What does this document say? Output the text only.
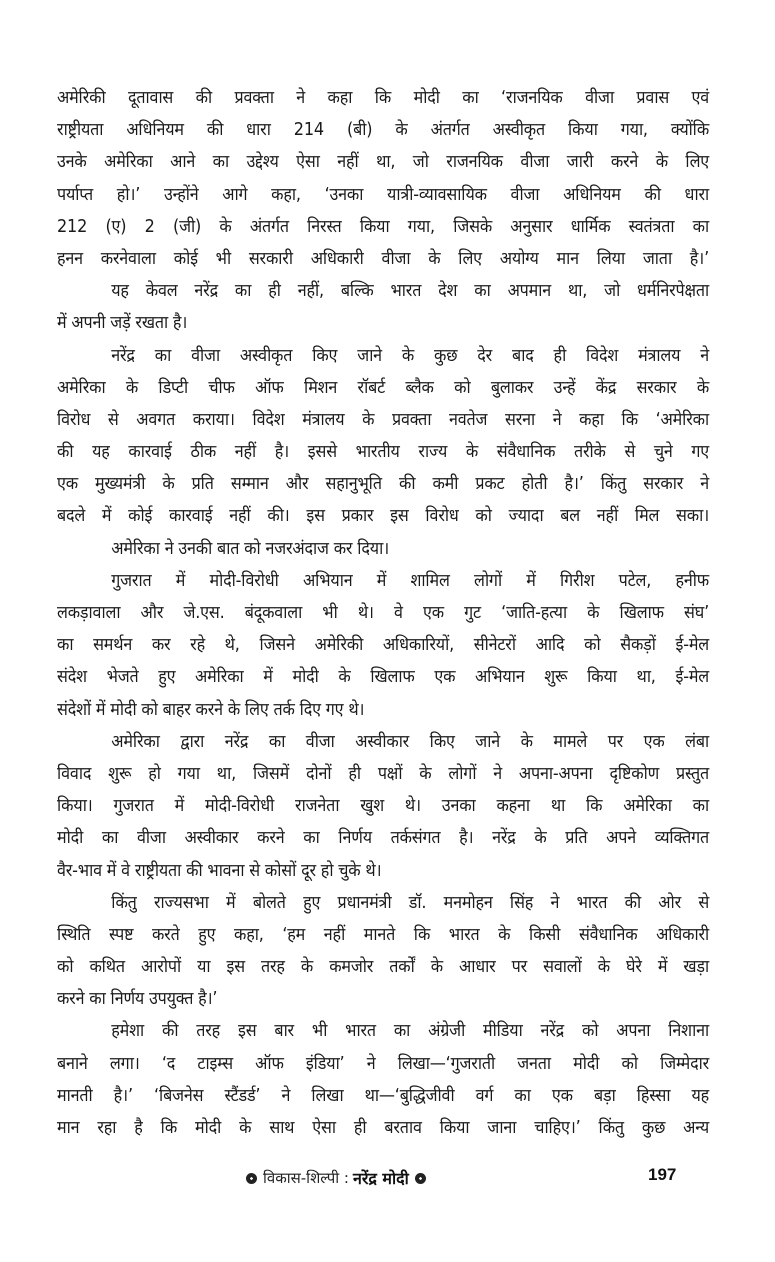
अमेरिकी दूतावास की प्रवक्ता ने कहा कि मोदी का ‘राजनयिक वीजा प्रवास एवं
राष्ट्रीयता अधिनियम की धारा 214 (बी) के अंतर्गत अस्वीकृत किया गया, क्योंकि
उनके अमेरिका आने का उद्देश्य ऐसा नहीं था, जो राजनयिक वीजा जारी करने के लिए
पर्याप्त हो।’ उन्होंने आगे कहा, ‘उनका यात्री-व्यावसायिक वीजा अधिनियम की धारा
212 (ए) 2 (जी) के अंतर्गत निरस्त किया गया, जिसके अनुसार धार्मिक स्वतंत्रता का
हनन करनेवाला कोई भी सरकारी अधिकारी वीजा के लिए अयोग्य मान लिया जाता है।’
यह केवल नरेंद्र का ही नहीं, बल्कि भारत देश का अपमान था, जो धर्मनिरपेक्षता
में अपनी जड़ें रखता है।
नरेंद्र का वीजा अस्वीकृत किए जाने के कुछ देर बाद ही विदेश मंत्रालय ने
अमेरिका के डिप्टी चीफ ऑफ मिशन रॉबर्ट ब्लैक को बुलाकर उन्हें केंद्र सरकार के
विरोध से अवगत कराया। विदेश मंत्रालय के प्रवक्ता नवतेज सरना ने कहा कि ‘अमेरिका
की यह कारवाई ठीक नहीं है। इससे भारतीय राज्य के संवैधानिक तरीके से चुने गए
एक मुख्यमंत्री के प्रति सम्मान और सहानुभूति की कमी प्रकट होती है।’ किंतु सरकार ने
बदले में कोई कारवाई नहीं की। इस प्रकार इस विरोध को ज्यादा बल नहीं मिल सका।
अमेरिका ने उनकी बात को नजरअंदाज कर दिया।
गुजरात में मोदी-विरोधी अभियान में शामिल लोगों में गिरीश पटेल, हनीफ
लकड़ावाला और जे.एस. बंदूकवाला भी थे। वे एक गुट ‘जाति-हत्या के खिलाफ संघ’
का समर्थन कर रहे थे, जिसने अमेरिकी अधिकारियों, सीनेटरों आदि को सैकड़ों ई-मेल
संदेश भेजते हुए अमेरिका में मोदी के खिलाफ एक अभियान शुरू किया था, ई-मेल
संदेशों में मोदी को बाहर करने के लिए तर्क दिए गए थे।
अमेरिका द्वारा नरेंद्र का वीजा अस्वीकार किए जाने के मामले पर एक लंबा
विवाद शुरू हो गया था, जिसमें दोनों ही पक्षों के लोगों ने अपना-अपना दृष्टिकोण प्रस्तुत
किया। गुजरात में मोदी-विरोधी राजनेता खुश थे। उनका कहना था कि अमेरिका का
मोदी का वीजा अस्वीकार करने का निर्णय तर्कसंगत है। नरेंद्र के प्रति अपने व्यक्तिगत
वैर-भाव में वे राष्ट्रीयता की भावना से कोसों दूर हो चुके थे।
किंतु राज्यसभा में बोलते हुए प्रधानमंत्री डॉ. मनमोहन सिंह ने भारत की ओर से
स्थिति स्पष्ट करते हुए कहा, ‘हम नहीं मानते कि भारत के किसी संवैधानिक अधिकारी
को कथित आरोपों या इस तरह के कमजोर तर्कों के आधार पर सवालों के घेरे में खड़ा
करने का निर्णय उपयुक्त है।’
हमेशा की तरह इस बार भी भारत का अंग्रेजी मीडिया नरेंद्र को अपना निशाना
बनाने लगा। ‘द टाइम्स ऑफ इंडिया’ ने लिखा—‘गुजराती जनता मोदी को जिम्मेदार
मानती है।’ ‘बिजनेस स्टैंडर्ड’ ने लिखा था—‘बुद्धिजीवी वर्ग का एक बड़ा हिस्सा यह
मान रहा है कि मोदी के साथ ऐसा ही बरताव किया जाना चाहिए।’ किंतु कुछ अन्य
विकास-शिल्पी : नरेंद्र मोदी	197
